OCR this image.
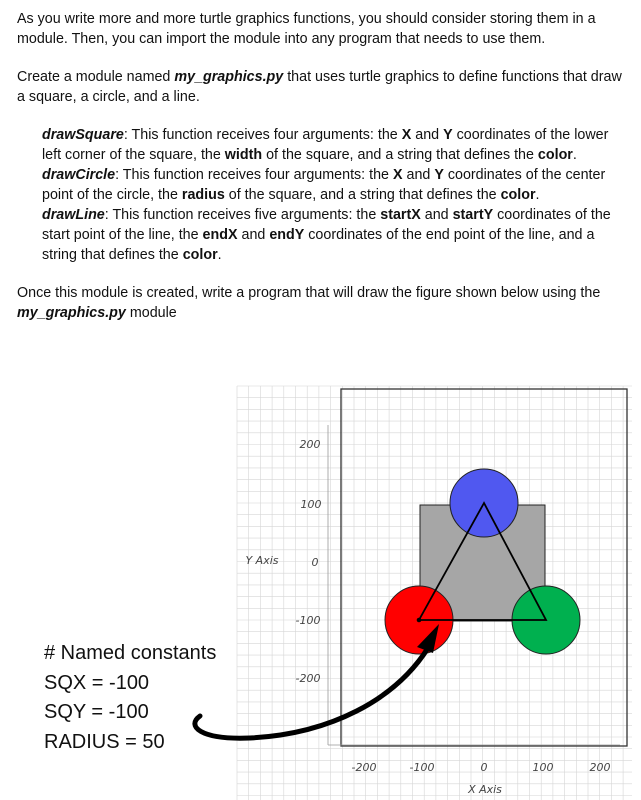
As you write more and more turtle graphics functions, you should consider storing them in a module. Then, you can import the module into any program that needs to use them.

Create a module named my_graphics.py that uses turtle graphics to define functions that draw a square, a circle, and a line.

drawSquare: This function receives four arguments: the X and Y coordinates of the lower left corner of the square, the width of the square, and a string that defines the color.
drawCircle: This function receives four arguments: the X and Y coordinates of the center point of the circle, the radius of the square, and a string that defines the color.
drawLine: This function receives five arguments: the startX and startY coordinates of the start point of the line, the endX and endY coordinates of the end point of the line, and a string that defines the color.

Once this module is created, write a program that will draw the figure shown below using the my_graphics.py module

200
100
0
-100
-200
Y Axis
-200	-100	0	100	200
X Axis
# Named constants
SQX = -100
SQY = -100
RADIUS = 50
